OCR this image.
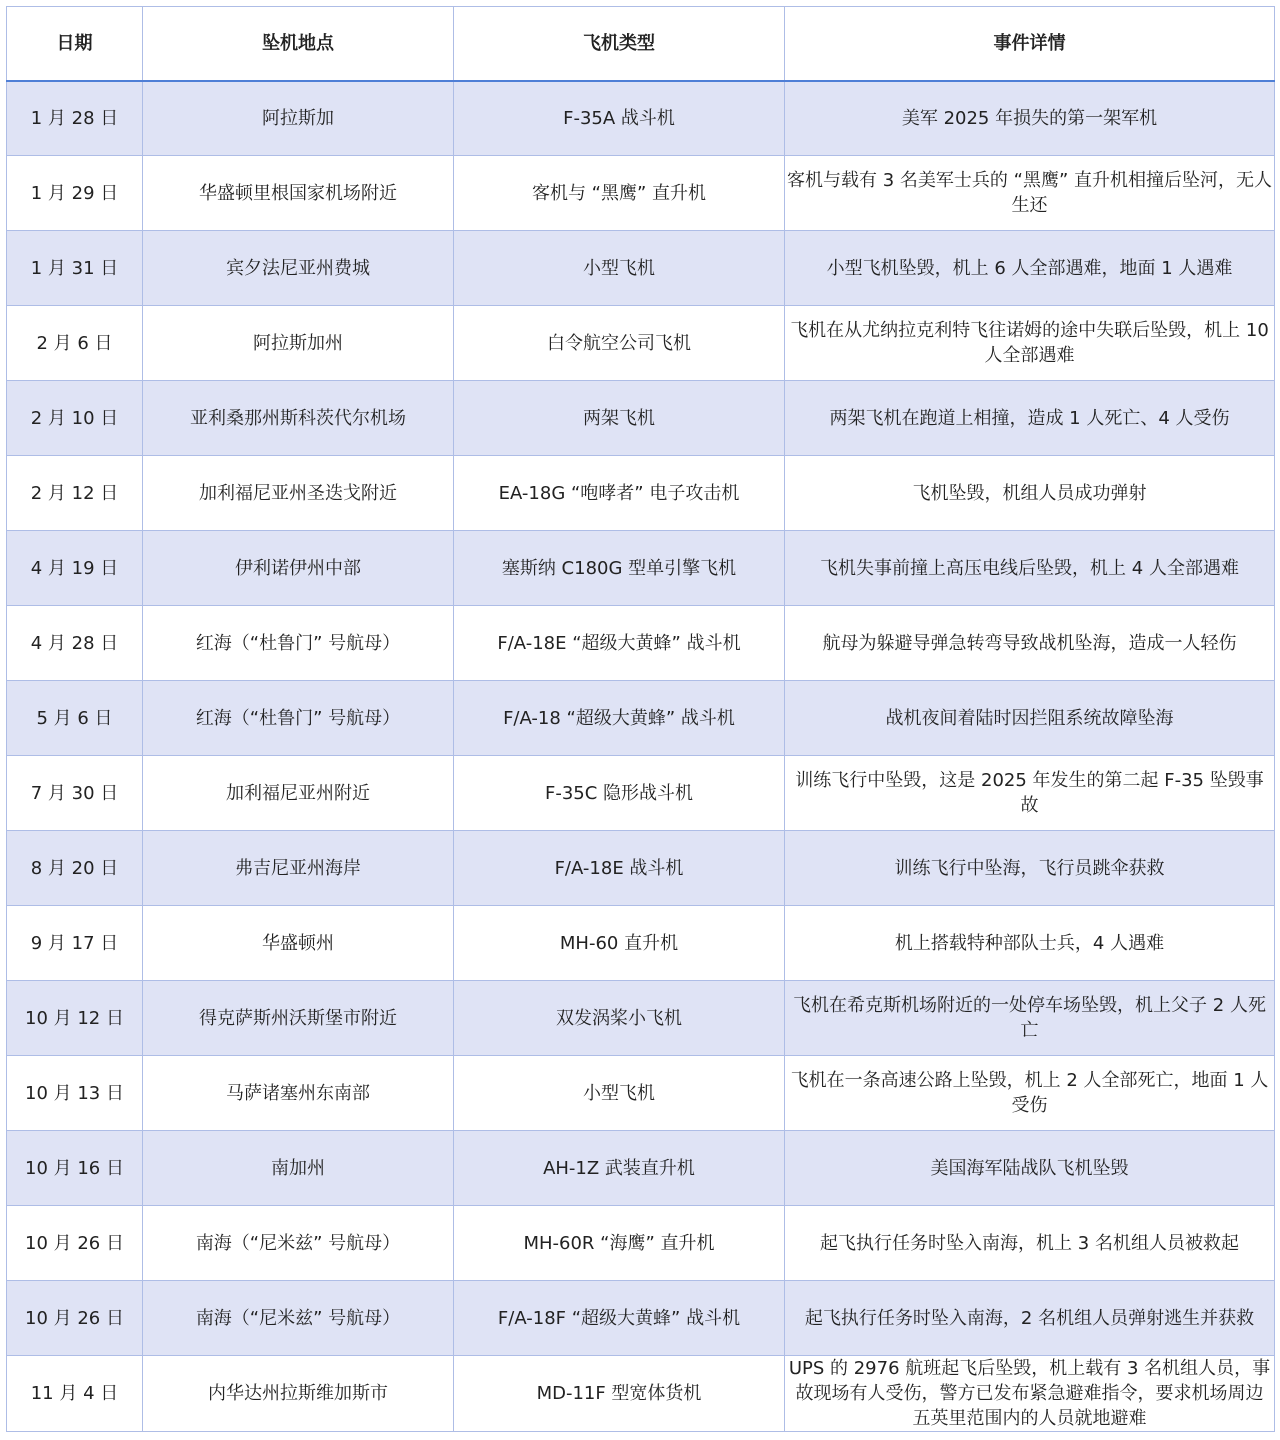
日期	坠机地点	飞机类型	事件详情
1 月 28 日	阿拉斯加	F-35A 战斗机	美军 2025 年损失的第一架军机
1 月 29 日	华盛顿里根国家机场附近	客机与 “黑鹰” 直升机	客机与载有 3 名美军士兵的 “黑鹰” 直升机相撞后坠河，无人生还
1 月 31 日	宾夕法尼亚州费城	小型飞机	小型飞机坠毁，机上 6 人全部遇难，地面 1 人遇难
2 月 6 日	阿拉斯加州	白令航空公司飞机	飞机在从尤纳拉克利特飞往诺姆的途中失联后坠毁，机上 10 人全部遇难
2 月 10 日	亚利桑那州斯科茨代尔机场	两架飞机	两架飞机在跑道上相撞，造成 1 人死亡、4 人受伤
2 月 12 日	加利福尼亚州圣迭戈附近	EA-18G “咆哮者” 电子攻击机	飞机坠毁，机组人员成功弹射
4 月 19 日	伊利诺伊州中部	塞斯纳 C180G 型单引擎飞机	飞机失事前撞上高压电线后坠毁，机上 4 人全部遇难
4 月 28 日	红海（“杜鲁门” 号航母）	F/A-18E “超级大黄蜂” 战斗机	航母为躲避导弹急转弯导致战机坠海，造成一人轻伤
5 月 6 日	红海（“杜鲁门” 号航母）	F/A-18 “超级大黄蜂” 战斗机	战机夜间着陆时因拦阻系统故障坠海
7 月 30 日	加利福尼亚州附近	F-35C 隐形战斗机	训练飞行中坠毁，这是 2025 年发生的第二起 F-35 坠毁事故
8 月 20 日	弗吉尼亚州海岸	F/A-18E 战斗机	训练飞行中坠海，飞行员跳伞获救
9 月 17 日	华盛顿州	MH-60 直升机	机上搭载特种部队士兵，4 人遇难
10 月 12 日	得克萨斯州沃斯堡市附近	双发涡桨小飞机	飞机在希克斯机场附近的一处停车场坠毁，机上父子 2 人死亡
10 月 13 日	马萨诸塞州东南部	小型飞机	飞机在一条高速公路上坠毁，机上 2 人全部死亡，地面 1 人受伤
10 月 16 日	南加州	AH-1Z 武装直升机	美国海军陆战队飞机坠毁
10 月 26 日	南海（“尼米兹” 号航母）	MH-60R “海鹰” 直升机	起飞执行任务时坠入南海，机上 3 名机组人员被救起
10 月 26 日	南海（“尼米兹” 号航母）	F/A-18F “超级大黄蜂” 战斗机	起飞执行任务时坠入南海，2 名机组人员弹射逃生并获救
11 月 4 日	内华达州拉斯维加斯市	MD-11F 型宽体货机	UPS 的 2976 航班起飞后坠毁，机上载有 3 名机组人员，事故现场有人受伤，警方已发布紧急避难指令，要求机场周边五英里范围内的人员就地避难
